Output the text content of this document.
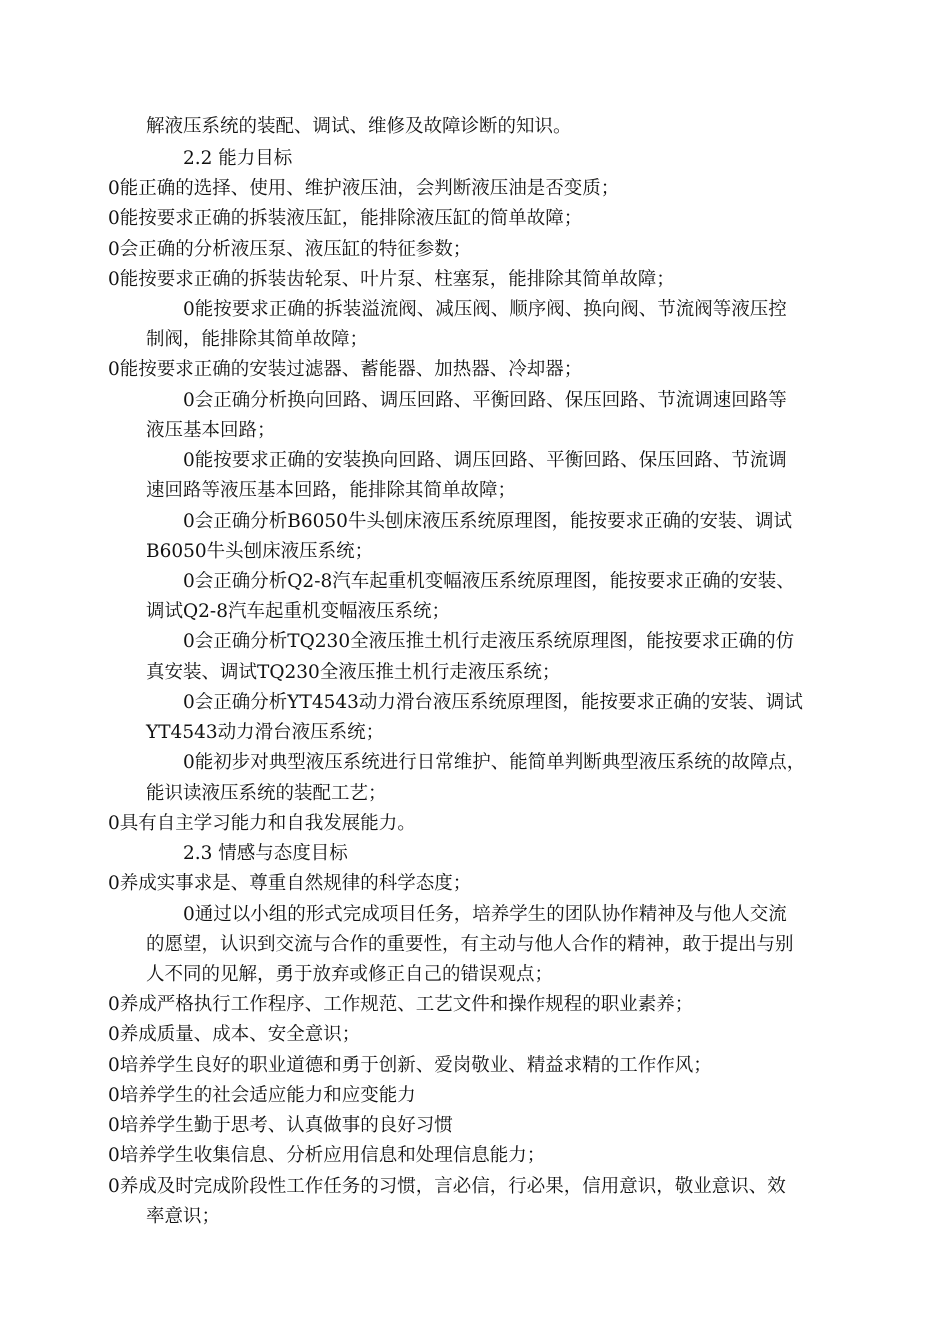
解液压系统的装配、调试、维修及故障诊断的知识。
2.2 能力目标
0能正确的选择、使用、维护液压油，会判断液压油是否变质；
0能按要求正确的拆装液压缸，能排除液压缸的简单故障；
0会正确的分析液压泵、液压缸的特征参数；
0能按要求正确的拆装齿轮泵、叶片泵、柱塞泵，能排除其简单故障；
0能按要求正确的拆装溢流阀、减压阀、顺序阀、换向阀、节流阀等液压控
制阀，能排除其简单故障；
0能按要求正确的安装过滤器、蓄能器、加热器、冷却器；
0会正确分析换向回路、调压回路、平衡回路、保压回路、节流调速回路等
液压基本回路；
0能按要求正确的安装换向回路、调压回路、平衡回路、保压回路、节流调
速回路等液压基本回路，能排除其简单故障；
0会正确分析B6050牛头刨床液压系统原理图，能按要求正确的安装、调试
B6050牛头刨床液压系统；
0会正确分析Q2-8汽车起重机变幅液压系统原理图，能按要求正确的安装、
调试Q2-8汽车起重机变幅液压系统；
0会正确分析TQ230全液压推土机行走液压系统原理图，能按要求正确的仿
真安装、调试TQ230全液压推土机行走液压系统；
0会正确分析YT4543动力滑台液压系统原理图，能按要求正确的安装、调试
YT4543动力滑台液压系统；
0能初步对典型液压系统进行日常维护、能简单判断典型液压系统的故障点，
能识读液压系统的装配工艺；
0具有自主学习能力和自我发展能力。
2.3 情感与态度目标
0养成实事求是、尊重自然规律的科学态度；
0通过以小组的形式完成项目任务，培养学生的团队协作精神及与他人交流
的愿望，认识到交流与合作的重要性，有主动与他人合作的精神，敢于提出与别
人不同的见解，勇于放弃或修正自己的错误观点；
0养成严格执行工作程序、工作规范、工艺文件和操作规程的职业素养；
0养成质量、成本、安全意识；
0培养学生良好的职业道德和勇于创新、爱岗敬业、精益求精的工作作风；
0培养学生的社会适应能力和应变能力
0培养学生勤于思考、认真做事的良好习惯
0培养学生收集信息、分析应用信息和处理信息能力；
0养成及时完成阶段性工作任务的习惯，言必信，行必果，信用意识，敬业意识、效
率意识；
